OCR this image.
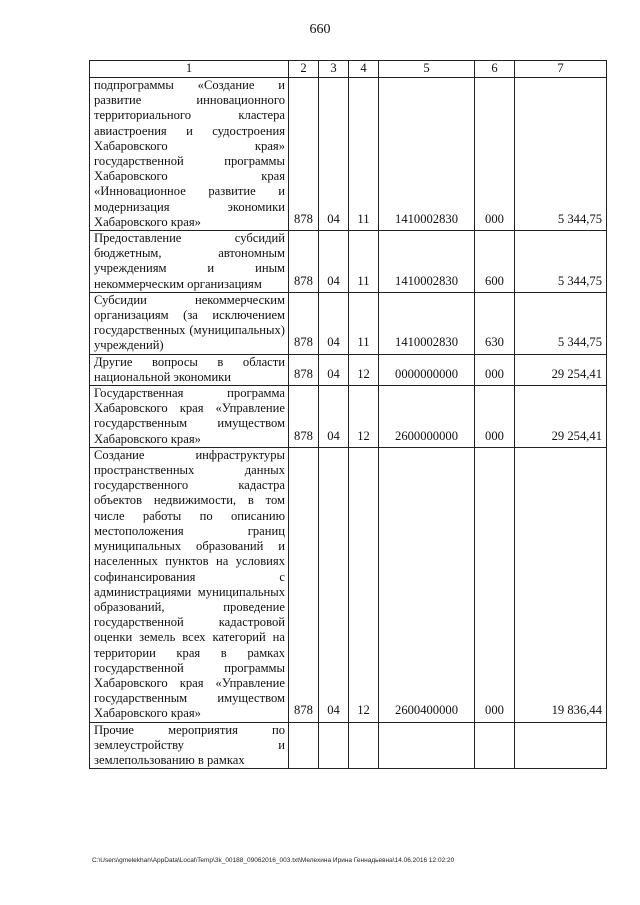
660
1	2	3	4	5	6	7
подпрограммы «Создание и развитие инновационного территориального кластера авиастроения и судостроения Хабаровского края» государственной программы Хабаровского края «Инновационное развитие и модернизация экономики Хабаровского края»	878	04	11	1410002830	000	5 344,75
Предоставление субсидий бюджетным, автономным учреждениям и иным некоммерческим организациям	878	04	11	1410002830	600	5 344,75
Субсидии некоммерческим организациям (за исключением государственных (муниципальных) учреждений)	878	04	11	1410002830	630	5 344,75
Другие вопросы в области национальной экономики	878	04	12	0000000000	000	29 254,41
Государственная программа Хабаровского края «Управление государственным имуществом Хабаровского края»	878	04	12	2600000000	000	29 254,41
Создание инфраструктуры пространственных данных государственного кадастра объектов недвижимости, в том числе работы по описанию местоположения границ муниципальных образований и населенных пунктов на условиях софинансирования с администрациями муниципальных образований, проведение государственной кадастровой оценки земель всех категорий на территории края в рамках государственной программы Хабаровского края «Управление государственным имуществом Хабаровского края»	878	04	12	2600400000	000	19 836,44
Прочие мероприятия по землеустройству и землепользованию в рамках						
C:\Users\gmelekhan\AppData\Local\Temp\3k_00188_09062016_003.txt\Мелехина Ирина Геннадьевна\14.06.2016 12:02:20
